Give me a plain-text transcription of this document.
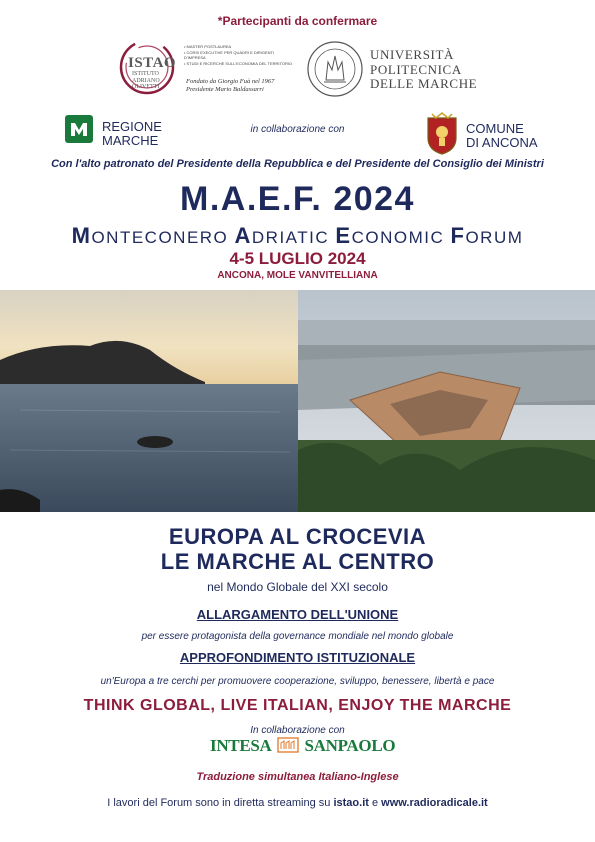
*Partecipanti da confermare
ISTAO
ISTITUTO
ADRIANO
OLIVETTI
• MASTER POSTLAUREA
• CORSI EXECUTIVE PER QUADRI E DIRIGENTI D'IMPRESA
• STUDI E RICERCHE SULL'ECONOMIA DEL TERRITORIO
Fondato da Giorgio Fuà nel 1967
Presidente Mario Baldassarri
UNIVERSITÀ
POLITECNICA
DELLE MARCHE
REGIONE
MARCHE
in collaborazione con	COMUNE
DI ANCONA
Con l'alto patronato del Presidente della Repubblica e del Presidente del Consiglio dei Ministri
M.A.E.F. 2024
MONTECONERO ADRIATIC ECONOMIC FORUM
4-5 LUGLIO 2024
ANCONA, MOLE VANVITELLIANA
EUROPA AL CROCEVIA
LE MARCHE AL CENTRO
nel Mondo Globale del XXI secolo
ALLARGAMENTO DELL'UNIONE
per essere protagonista della governance mondiale nel mondo globale
APPROFONDIMENTO ISTITUZIONALE
un'Europa a tre cerchi per promuovere cooperazione, sviluppo, benessere, libertà e pace
THINK GLOBAL, LIVE ITALIAN, ENJOY THE MARCHE
In collaborazione con
INTESA SANPAOLO
Traduzione simultanea Italiano-Inglese
I lavori del Forum sono in diretta streaming su istao.it e www.radioradicale.it
